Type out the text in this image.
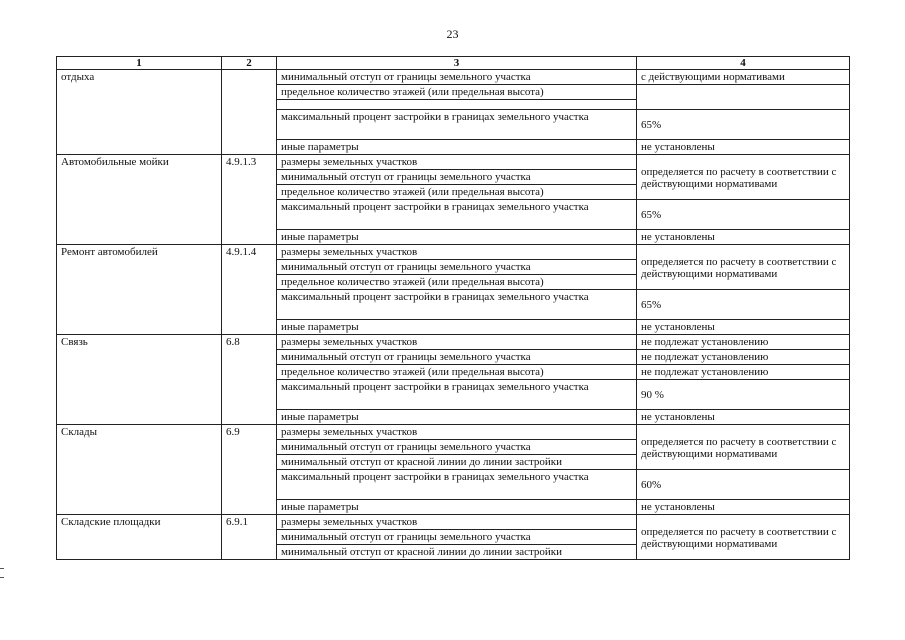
23
1	2	3	4
отдыха		минимальный отступ от границы земельного участка	с действующими нормативами
		предельное количество этажей (или предельная высота)	

		максимальный процент застройки в границах земельного участка	65%
		иные параметры	не установлены
Автомобильные мойки	4.9.1.3	размеры земельных участков	определяется по расчету в соответствии с действующими нормативами
		минимальный отступ от границы земельного участка	
		предельное количество этажей (или предельная высота)	
		максимальный процент застройки в границах земельного участка	65%
		иные параметры	не установлены
Ремонт автомобилей	4.9.1.4	размеры земельных участков	определяется по расчету в соответствии с действующими нормативами
		минимальный отступ от границы земельного участка	
		предельное количество этажей (или предельная высота)	
		максимальный процент застройки в границах земельного участка	65%
		иные параметры	не установлены
Связь	6.8	размеры земельных участков	не подлежат установлению
		минимальный отступ от границы земельного участка	не подлежат установлению
		предельное количество этажей (или предельная высота)	не подлежат установлению
		максимальный процент застройки в границах земельного участка	90 %
		иные параметры	не установлены
Склады	6.9	размеры земельных участков	определяется по расчету в соответствии с действующими нормативами
		минимальный отступ от границы земельного участка	
		минимальный отступ от красной линии до линии застройки	
		максимальный процент застройки в границах земельного участка	60%
		иные параметры	не установлены
Складские площадки	6.9.1	размеры земельных участков	определяется по расчету в соответствии с действующими нормативами
		минимальный отступ от границы земельного участка	
		минимальный отступ от красной линии до линии застройки	
